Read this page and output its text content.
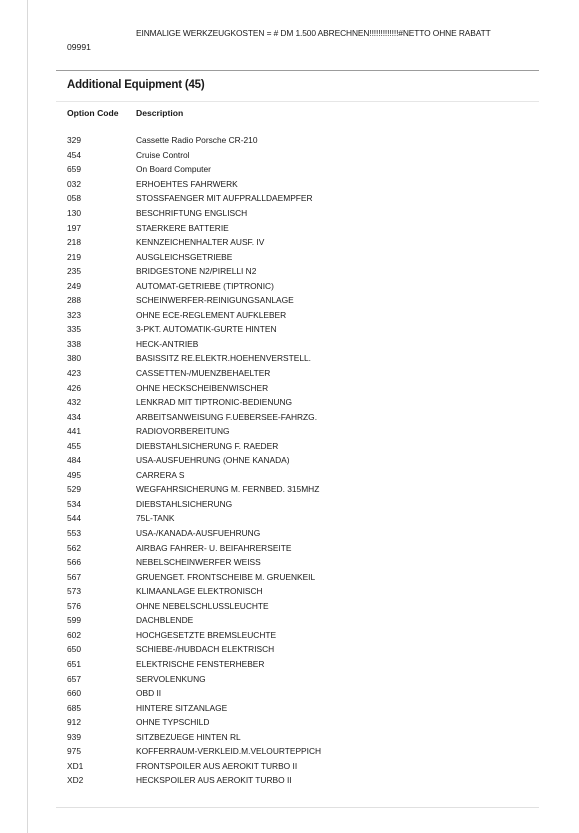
EINMALIGE WERKZEUGKOSTEN = # DM 1.500 ABRECHNEN!!!!!!!!!!!!!#NETTO OHNE RABATT
09991
Additional Equipment (45)
Option Code Description
329	Cassette Radio Porsche CR-210
454	Cruise Control
659	On Board Computer
032	ERHOEHTES FAHRWERK
058	STOSSFAENGER MIT AUFPRALLDAEMPFER
130	BESCHRIFTUNG ENGLISCH
197	STAERKERE BATTERIE
218	KENNZEICHENHALTER AUSF. IV
219	AUSGLEICHSGETRIEBE
235	BRIDGESTONE N2/PIRELLI N2
249	AUTOMAT-GETRIEBE (TIPTRONIC)
288	SCHEINWERFER-REINIGUNGSANLAGE
323	OHNE ECE-REGLEMENT AUFKLEBER
335	3-PKT. AUTOMATIK-GURTE HINTEN
338	HECK-ANTRIEB
380	BASISSITZ RE.ELEKTR.HOEHENVERSTELL.
423	CASSETTEN-/MUENZBEHAELTER
426	OHNE HECKSCHEIBENWISCHER
432	LENKRAD MIT TIPTRONIC-BEDIENUNG
434	ARBEITSANWEISUNG F.UEBERSEE-FAHRZG.
441	RADIOVORBEREITUNG
455	DIEBSTAHLSICHERUNG F. RAEDER
484	USA-AUSFUEHRUNG (OHNE KANADA)
495	CARRERA S
529	WEGFAHRSICHERUNG M. FERNBED. 315MHZ
534	DIEBSTAHLSICHERUNG
544	75L-TANK
553	USA-/KANADA-AUSFUEHRUNG
562	AIRBAG FAHRER- U. BEIFAHRERSEITE
566	NEBELSCHEINWERFER WEISS
567	GRUENGET. FRONTSCHEIBE M. GRUENKEIL
573	KLIMAANLAGE ELEKTRONISCH
576	OHNE NEBELSCHLUSSLEUCHTE
599	DACHBLENDE
602	HOCHGESETZTE BREMSLEUCHTE
650	SCHIEBE-/HUBDACH ELEKTRISCH
651	ELEKTRISCHE FENSTERHEBER
657	SERVOLENKUNG
660	OBD II
685	HINTERE SITZANLAGE
912	OHNE TYPSCHILD
939	SITZBEZUEGE HINTEN RL
975	KOFFERRAUM-VERKLEID.M.VELOURTEPPICH
XD1	FRONTSPOILER AUS AEROKIT TURBO II
XD2	HECKSPOILER AUS AEROKIT TURBO II
